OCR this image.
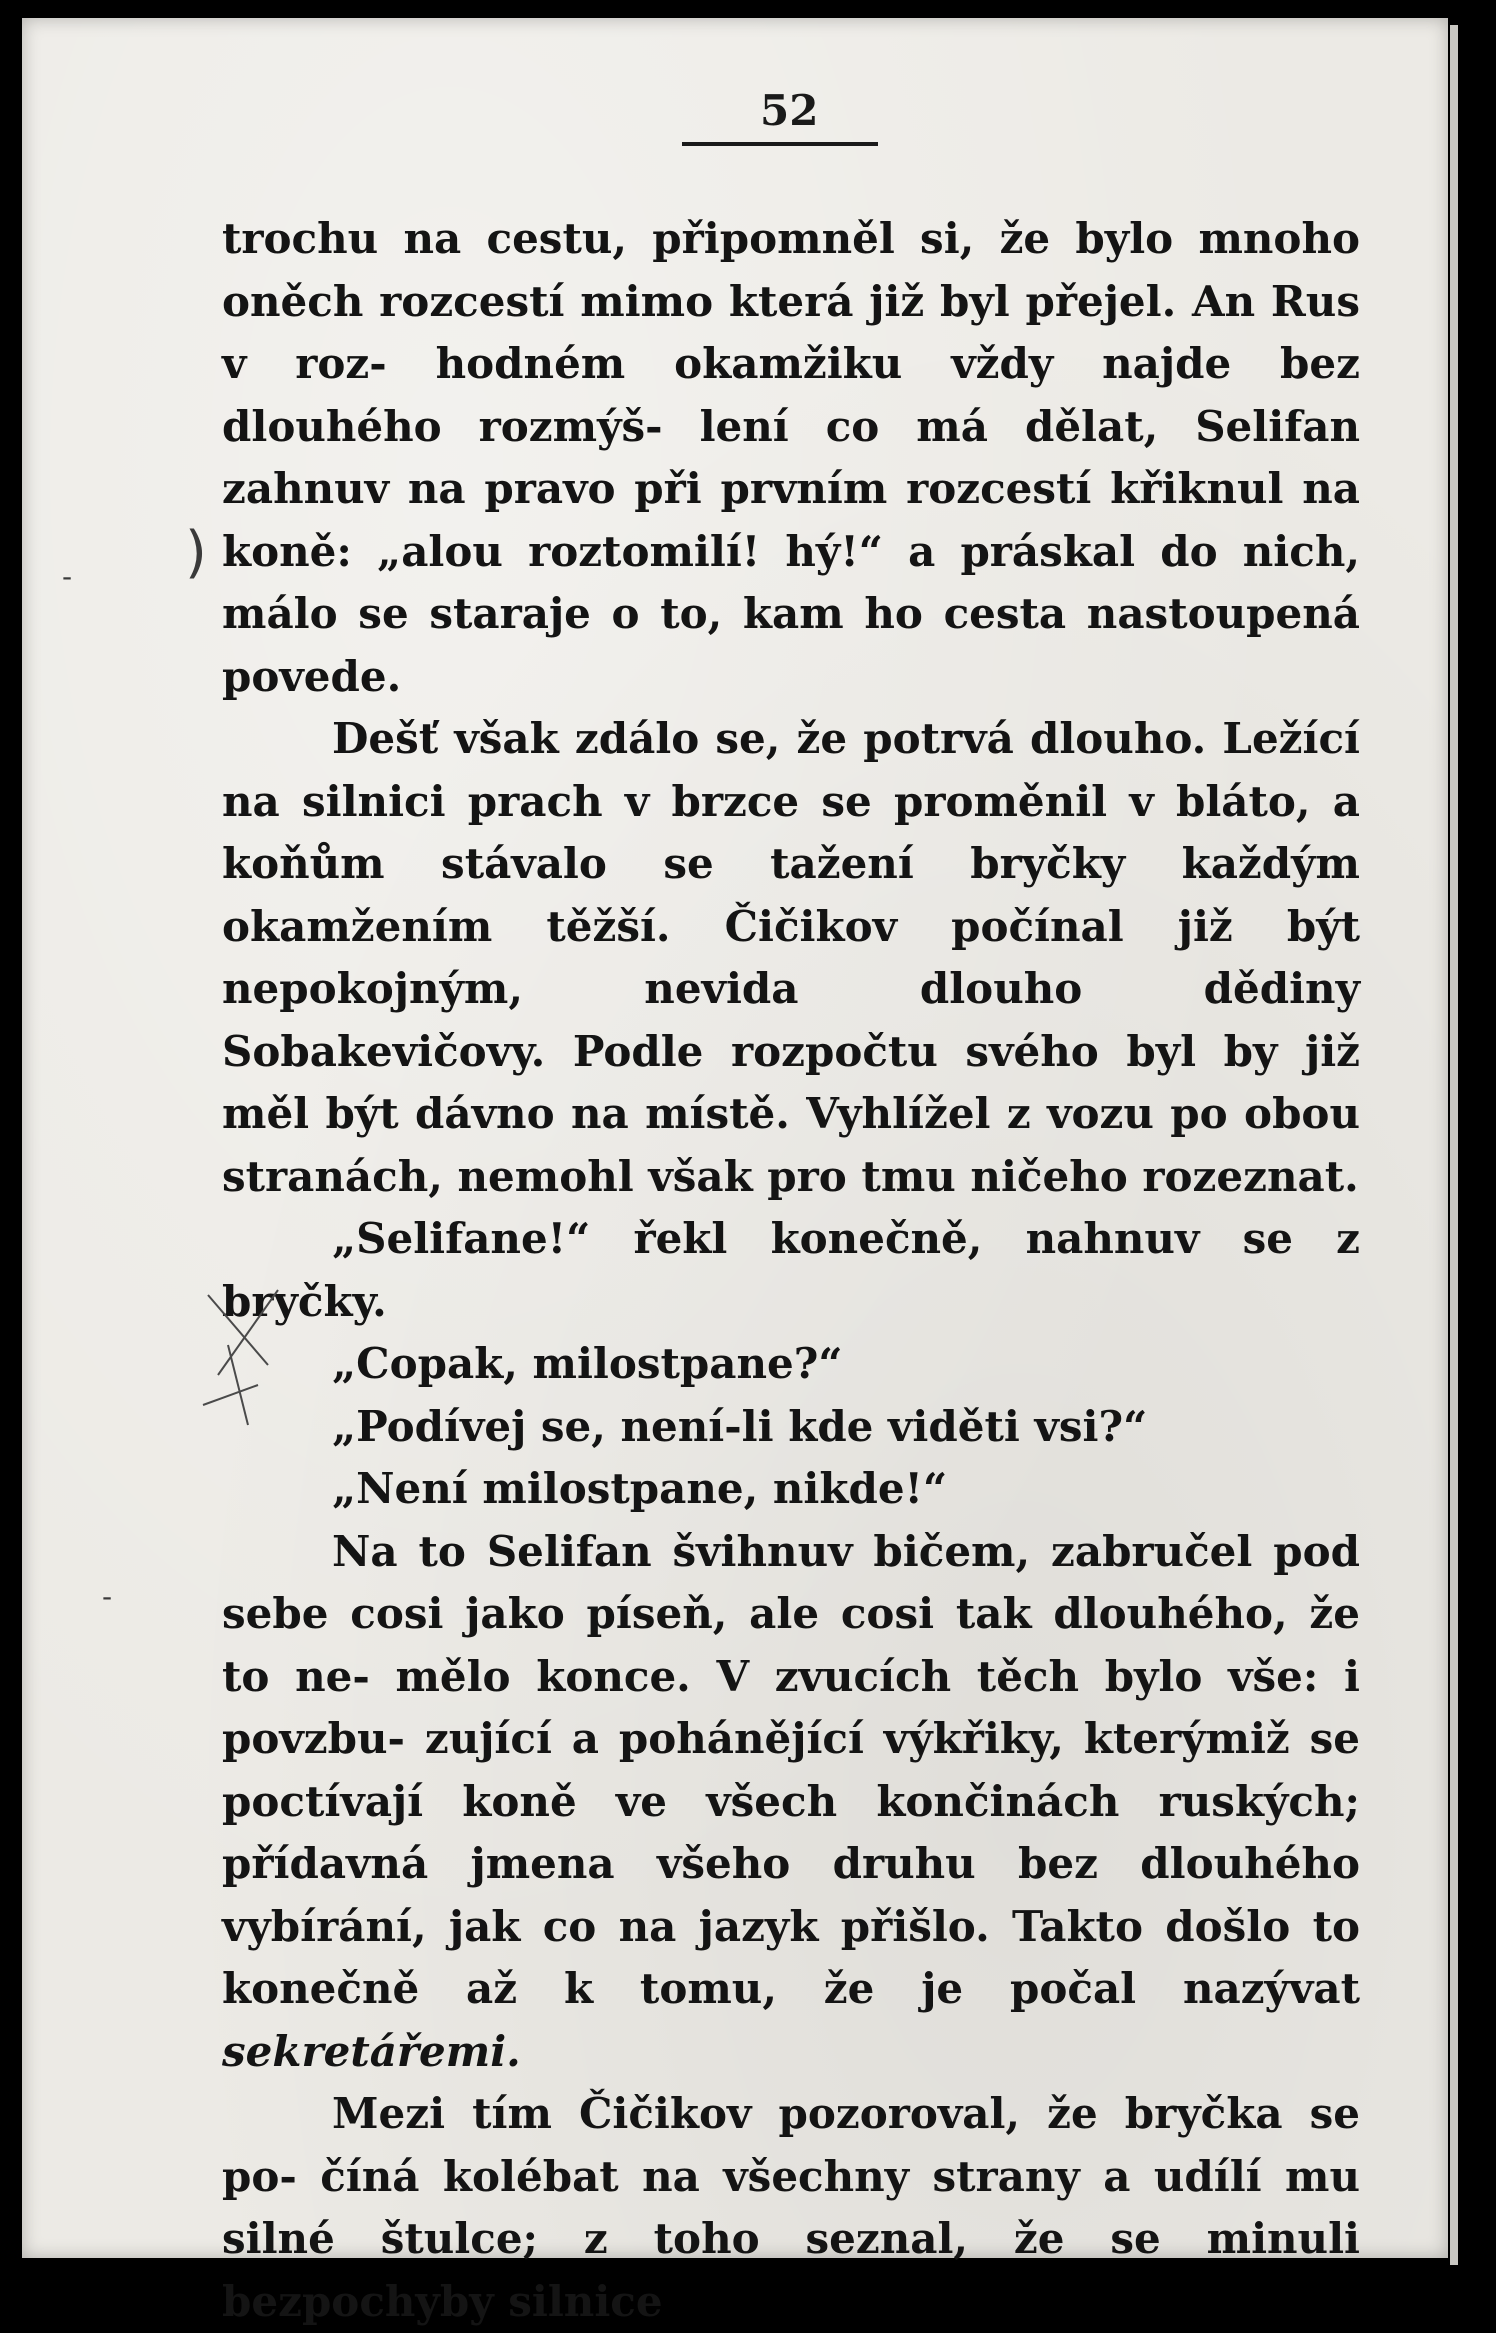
52

trochu na cestu, připomněl si, že bylo mnoho oněch rozcestí mimo která již byl přejel. An Rus v roz- hodném okamžiku vždy najde bez dlouhého rozmýš- lení co má dělat, Selifan zahnuv na pravo při prvním rozcestí křiknul na koně: „alou roztomilí! hý!“ a práskal do nich, málo se staraje o to, kam ho cesta nastoupená povede.

Dešť však zdálo se, že potrvá dlouho. Ležící na silnici prach v brzce se proměnil v bláto, a koňům stávalo se tažení bryčky každým okamžením těžší. Čičikov počínal již být nepokojným, nevida dlouho dědiny Sobakevičovy. Podle rozpočtu svého byl by již měl být dávno na místě. Vyhlížel z vozu po obou stranách, nemohl však pro tmu ničeho rozeznat.

„Selifane!“ řekl konečně, nahnuv se z bryčky.

„Copak, milostpane?“

„Podívej se, není-li kde viděti vsi?“

„Není milostpane, nikde!“

Na to Selifan švihnuv bičem, zabručel pod sebe cosi jako píseň, ale cosi tak dlouhého, že to ne- mělo konce. V zvucích těch bylo vše: i povzbu- zující a pohánějící výkřiky, kterýmiž se poctívají koně ve všech končinách ruských; přídavná jmena všeho druhu bez dlouhého vybírání, jak co na jazyk přišlo. Takto došlo to konečně až k tomu, že je počal nazývat sekretářemi.

Mezi tím Čičikov pozoroval, že bryčka se po- číná kolébat na všechny strany a udílí mu silné štulce; z toho seznal, že se minuli bezpochyby silnice

)
-
-
